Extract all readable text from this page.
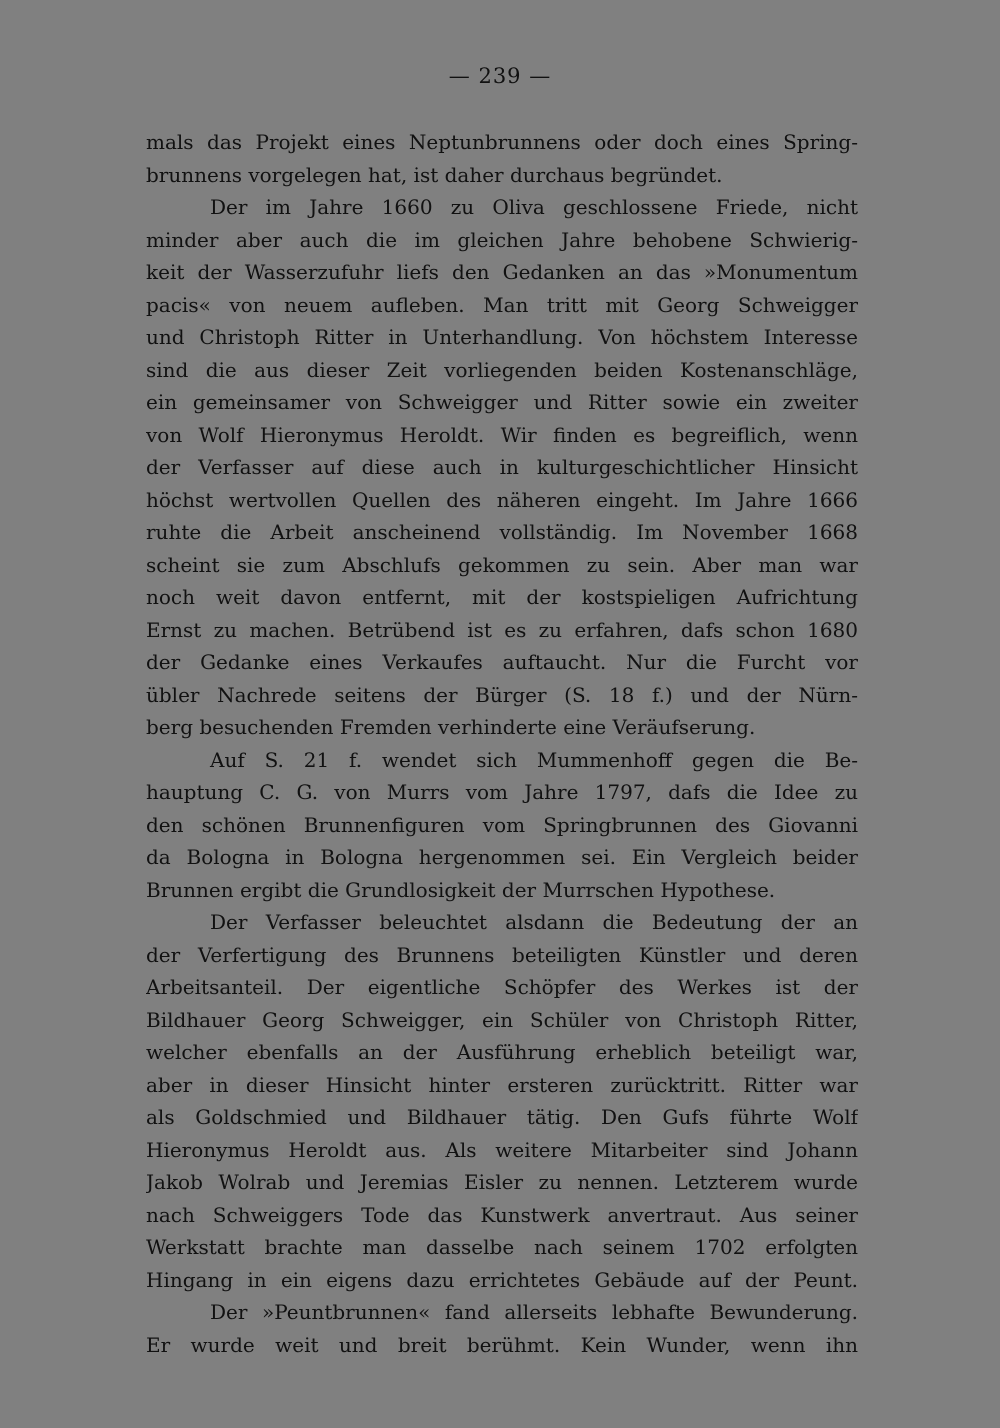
— 239 —
mals das Projekt eines Neptunbrunnens oder doch eines Spring-
brunnens vorgelegen hat, ist daher durchaus begründet.
Der im Jahre 1660 zu Oliva geschlossene Friede, nicht
minder aber auch die im gleichen Jahre behobene Schwierig-
keit der Wasserzufuhr liefs den Gedanken an das »Monumentum
pacis« von neuem aufleben. Man tritt mit Georg Schweigger
und Christoph Ritter in Unterhandlung. Von höchstem Interesse
sind die aus dieser Zeit vorliegenden beiden Kostenanschläge,
ein gemeinsamer von Schweigger und Ritter sowie ein zweiter
von Wolf Hieronymus Heroldt. Wir finden es begreiflich, wenn
der Verfasser auf diese auch in kulturgeschichtlicher Hinsicht
höchst wertvollen Quellen des näheren eingeht. Im Jahre 1666
ruhte die Arbeit anscheinend vollständig. Im November 1668
scheint sie zum Abschlufs gekommen zu sein. Aber man war
noch weit davon entfernt, mit der kostspieligen Aufrichtung
Ernst zu machen. Betrübend ist es zu erfahren, dafs schon 1680
der Gedanke eines Verkaufes auftaucht. Nur die Furcht vor
übler Nachrede seitens der Bürger (S. 18 f.) und der Nürn-
berg besuchenden Fremden verhinderte eine Veräufserung.
Auf S. 21 f. wendet sich Mummenhoff gegen die Be-
hauptung C. G. von Murrs vom Jahre 1797, dafs die Idee zu
den schönen Brunnenfiguren vom Springbrunnen des Giovanni
da Bologna in Bologna hergenommen sei. Ein Vergleich beider
Brunnen ergibt die Grundlosigkeit der Murrschen Hypothese.
Der Verfasser beleuchtet alsdann die Bedeutung der an
der Verfertigung des Brunnens beteiligten Künstler und deren
Arbeitsanteil. Der eigentliche Schöpfer des Werkes ist der
Bildhauer Georg Schweigger, ein Schüler von Christoph Ritter,
welcher ebenfalls an der Ausführung erheblich beteiligt war,
aber in dieser Hinsicht hinter ersteren zurücktritt. Ritter war
als Goldschmied und Bildhauer tätig. Den Gufs führte Wolf
Hieronymus Heroldt aus. Als weitere Mitarbeiter sind Johann
Jakob Wolrab und Jeremias Eisler zu nennen. Letzterem wurde
nach Schweiggers Tode das Kunstwerk anvertraut. Aus seiner
Werkstatt brachte man dasselbe nach seinem 1702 erfolgten
Hingang in ein eigens dazu errichtetes Gebäude auf der Peunt.
Der »Peuntbrunnen« fand allerseits lebhafte Bewunderung.
Er wurde weit und breit berühmt. Kein Wunder, wenn ihn
